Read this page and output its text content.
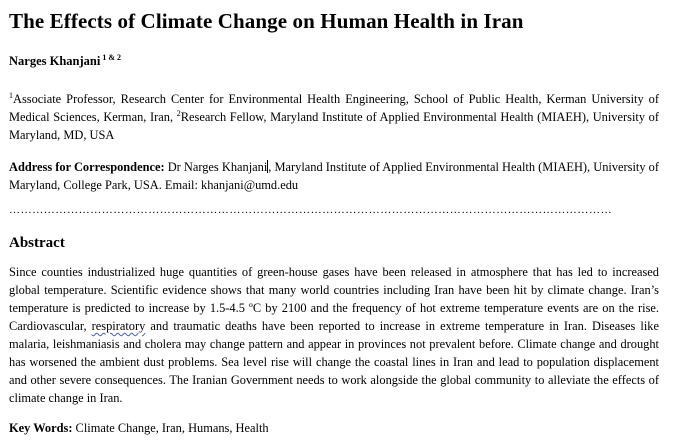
The Effects of Climate Change on Human Health in Iran
Narges Khanjani $^{1 \& 2}$

$^1$Associate Professor, Research Center for Environmental Health Engineering, School of Public Health, Kerman University of Medical Sciences, Kerman, Iran, $^2$Research Fellow, Maryland Institute of Applied Environmental Health (MIAEH), University of Maryland, MD, USA

Address for Correspondence: Dr Narges Khanjani, Maryland Institute of Applied Environmental Health (MIAEH), University of Maryland, College Park, USA. Email: khanjani@umd.edu

…………………………………………………………………………………………………………………………………………
Abstract

Since counties industrialized huge quantities of green-house gases have been released in atmosphere that has led to increased global temperature. Scientific evidence shows that many world countries including Iran have been hit by climate change. Iran’s temperature is predicted to increase by 1.5-4.5 ºC by 2100 and the frequency of hot extreme temperature events are on the rise. Cardiovascular, respiratory and traumatic deaths have been reported to increase in extreme temperature in Iran. Diseases like malaria, leishmaniasis and cholera may change pattern and appear in provinces not prevalent before. Climate change and drought has worsened the ambient dust problems. Sea level rise will change the coastal lines in Iran and lead to population displacement and other severe consequences. The Iranian Government needs to work alongside the global community to alleviate the effects of climate change in Iran.

Key Words: Climate Change, Iran, Humans, Health
